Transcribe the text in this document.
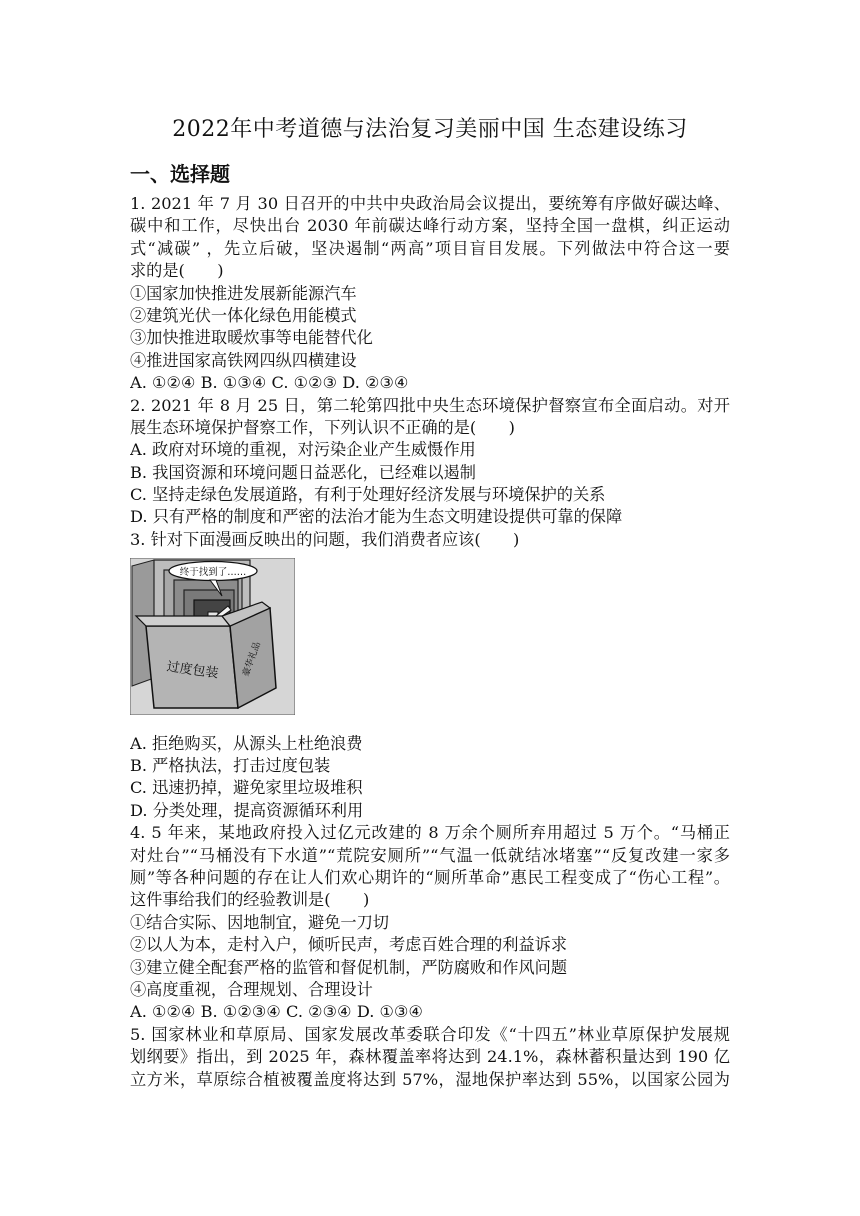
2022年中考道德与法治复习美丽中国 生态建设练习
一、选择题
1. 2021 年 7 月 30 日召开的中共中央政治局会议提出，要统筹有序做好碳达峰、
碳中和工作，尽快出台 2030 年前碳达峰行动方案，坚持全国一盘棋，纠正运动
式“减碳” ，先立后破，坚决遏制“两高”项目盲目发展。下列做法中符合这一要
求的是(　　)
①国家加快推进发展新能源汽车
②建筑光伏一体化绿色用能模式
③加快推进取暖炊事等电能替代化
④推进国家高铁网四纵四横建设
A. ①②④ B. ①③④ C. ①②③ D. ②③④
2. 2021 年 8 月 25 日，第二轮第四批中央生态环境保护督察宣布全面启动。对开
展生态环境保护督察工作，下列认识不正确的是(　　)
A. 政府对环境的重视，对污染企业产生威慑作用
B. 我国资源和环境问题日益恶化，已经难以遏制
C. 坚持走绿色发展道路，有利于处理好经济发展与环境保护的关系
D. 只有严格的制度和严密的法治才能为生态文明建设提供可靠的保障
3. 针对下面漫画反映出的问题，我们消费者应该(　　)
终于找到了……
过度包装 豪华礼品
A. 拒绝购买，从源头上杜绝浪费
B. 严格执法，打击过度包装
C. 迅速扔掉，避免家里垃圾堆积
D. 分类处理，提高资源循环利用
4. 5 年来，某地政府投入过亿元改建的 8 万余个厕所弃用超过 5 万个。“马桶正
对灶台”“马桶没有下水道”“荒院安厕所”“气温一低就结冰堵塞”“反复改建一家多
厕”等各种问题的存在让人们欢心期许的“厕所革命”惠民工程变成了“伤心工程”。
这件事给我们的经验教训是(　　)
①结合实际、因地制宜，避免一刀切
②以人为本，走村入户，倾听民声，考虑百姓合理的利益诉求
③建立健全配套严格的监管和督促机制，严防腐败和作风问题
④高度重视，合理规划、合理设计
A. ①②④ B. ①②③④ C. ②③④ D. ①③④
5. 国家林业和草原局、国家发展改革委联合印发《“十四五”林业草原保护发展规
划纲要》指出，到 2025 年，森林覆盖率将达到 24.1%，森林蓄积量达到 190 亿
立方米，草原综合植被覆盖度将达到 57%，湿地保护率达到 55%，以国家公园为
